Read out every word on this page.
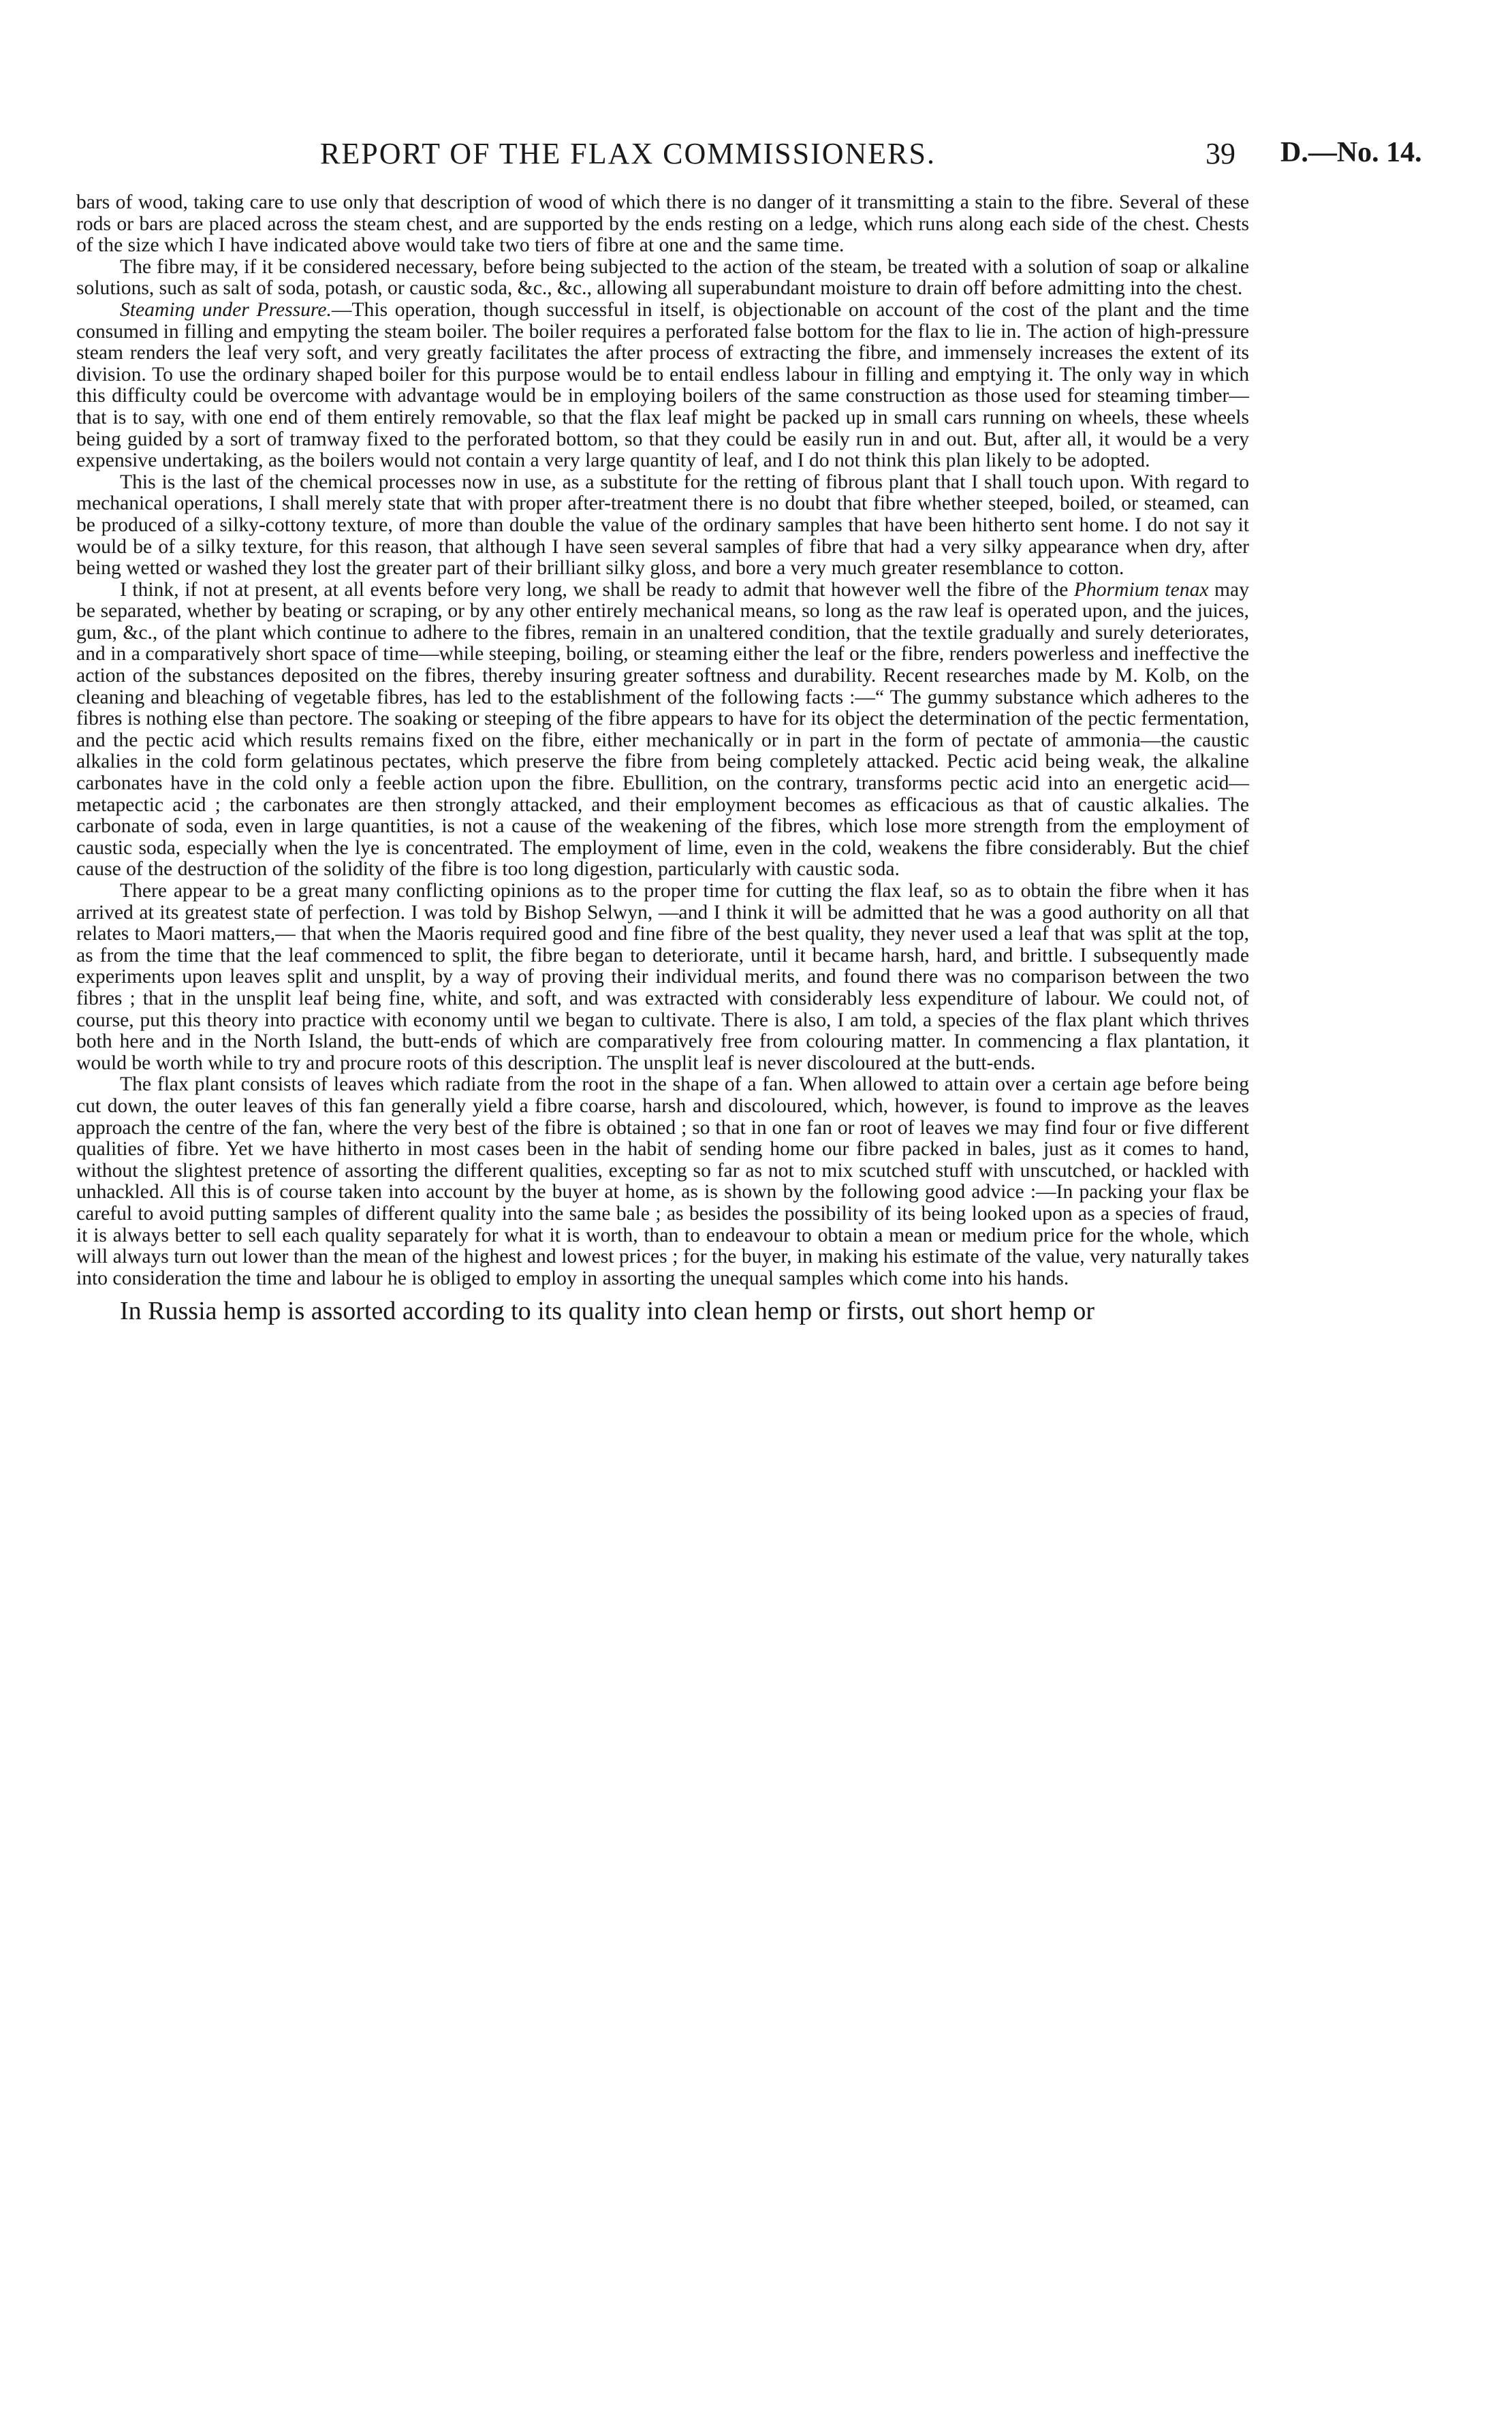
REPORT OF THE FLAX COMMISSIONERS.	39 D.—No. 14.

bars of wood, taking care to use only that description of wood of which there is no danger of it transmitting a stain to the fibre. Several of these rods or bars are placed across the steam chest, and are supported by the ends resting on a ledge, which runs along each side of the chest. Chests of the size which I have indicated above would take two tiers of fibre at one and the same time.

The fibre may, if it be considered necessary, before being subjected to the action of the steam, be treated with a solution of soap or alkaline solutions, such as salt of soda, potash, or caustic soda, &c., &c., allowing all superabundant moisture to drain off before admitting into the chest.

Steaming under Pressure.—This operation, though successful in itself, is objectionable on account of the cost of the plant and the time consumed in filling and empyting the steam boiler. The boiler requires a perforated false bottom for the flax to lie in. The action of high-pressure steam renders the leaf very soft, and very greatly facilitates the after process of extracting the fibre, and immensely increases the extent of its division. To use the ordinary shaped boiler for this purpose would be to entail endless labour in filling and emptying it. The only way in which this difficulty could be overcome with advantage would be in employing boilers of the same construction as those used for steaming timber—that is to say, with one end of them entirely removable, so that the flax leaf might be packed up in small cars running on wheels, these wheels being guided by a sort of tramway fixed to the perforated bottom, so that they could be easily run in and out. But, after all, it would be a very expensive undertaking, as the boilers would not contain a very large quantity of leaf, and I do not think this plan likely to be adopted.

This is the last of the chemical processes now in use, as a substitute for the retting of fibrous plant that I shall touch upon. With regard to mechanical operations, I shall merely state that with proper after-treatment there is no doubt that fibre whether steeped, boiled, or steamed, can be produced of a silky-cottony texture, of more than double the value of the ordinary samples that have been hitherto sent home. I do not say it would be of a silky texture, for this reason, that although I have seen several samples of fibre that had a very silky appearance when dry, after being wetted or washed they lost the greater part of their brilliant silky gloss, and bore a very much greater resemblance to cotton.

I think, if not at present, at all events before very long, we shall be ready to admit that however well the fibre of the Phormium tenax may be separated, whether by beating or scraping, or by any other entirely mechanical means, so long as the raw leaf is operated upon, and the juices, gum, &c., of the plant which continue to adhere to the fibres, remain in an unaltered condition, that the textile gradually and surely deteriorates, and in a comparatively short space of time—while steeping, boiling, or steaming either the leaf or the fibre, renders powerless and ineffective the action of the substances deposited on the fibres, thereby insuring greater softness and durability. Recent researches made by M. Kolb, on the cleaning and bleaching of vegetable fibres, has led to the establishment of the following facts :—“ The gummy substance which adheres to the fibres is nothing else than pectore. The soaking or steeping of the fibre appears to have for its object the determination of the pectic fermentation, and the pectic acid which results remains fixed on the fibre, either mechanically or in part in the form of pectate of ammonia—the caustic alkalies in the cold form gelatinous pectates, which preserve the fibre from being completely attacked. Pectic acid being weak, the alkaline carbonates have in the cold only a feeble action upon the fibre. Ebullition, on the contrary, transforms pectic acid into an energetic acid—metapectic acid ; the carbonates are then strongly attacked, and their employment becomes as efficacious as that of caustic alkalies. The carbonate of soda, even in large quantities, is not a cause of the weakening of the fibres, which lose more strength from the employment of caustic soda, especially when the lye is concentrated. The employment of lime, even in the cold, weakens the fibre considerably. But the chief cause of the destruction of the solidity of the fibre is too long digestion, particularly with caustic soda.

There appear to be a great many conflicting opinions as to the proper time for cutting the flax leaf, so as to obtain the fibre when it has arrived at its greatest state of perfection. I was told by Bishop Selwyn, —and I think it will be admitted that he was a good authority on all that relates to Maori matters,— that when the Maoris required good and fine fibre of the best quality, they never used a leaf that was split at the top, as from the time that the leaf commenced to split, the fibre began to deteriorate, until it became harsh, hard, and brittle. I subsequently made experiments upon leaves split and unsplit, by a way of proving their individual merits, and found there was no comparison between the two fibres ; that in the unsplit leaf being fine, white, and soft, and was extracted with considerably less expenditure of labour. We could not, of course, put this theory into practice with economy until we began to cultivate. There is also, I am told, a species of the flax plant which thrives both here and in the North Island, the butt-ends of which are comparatively free from colouring matter. In commencing a flax plantation, it would be worth while to try and procure roots of this description. The unsplit leaf is never discoloured at the butt-ends.

The flax plant consists of leaves which radiate from the root in the shape of a fan. When allowed to attain over a certain age before being cut down, the outer leaves of this fan generally yield a fibre coarse, harsh and discoloured, which, however, is found to improve as the leaves approach the centre of the fan, where the very best of the fibre is obtained ; so that in one fan or root of leaves we may find four or five different qualities of fibre. Yet we have hitherto in most cases been in the habit of sending home our fibre packed in bales, just as it comes to hand, without the slightest pretence of assorting the different qualities, excepting so far as not to mix scutched stuff with unscutched, or hackled with unhackled. All this is of course taken into account by the buyer at home, as is shown by the following good advice :—In packing your flax be careful to avoid putting samples of different quality into the same bale ; as besides the possibility of its being looked upon as a species of fraud, it is always better to sell each quality separately for what it is worth, than to endeavour to obtain a mean or medium price for the whole, which will always turn out lower than the mean of the highest and lowest prices ; for the buyer, in making his estimate of the value, very naturally takes into consideration the time and labour he is obliged to employ in assorting the unequal samples which come into his hands.

In Russia hemp is assorted according to its quality into clean hemp or firsts, out short hemp or
